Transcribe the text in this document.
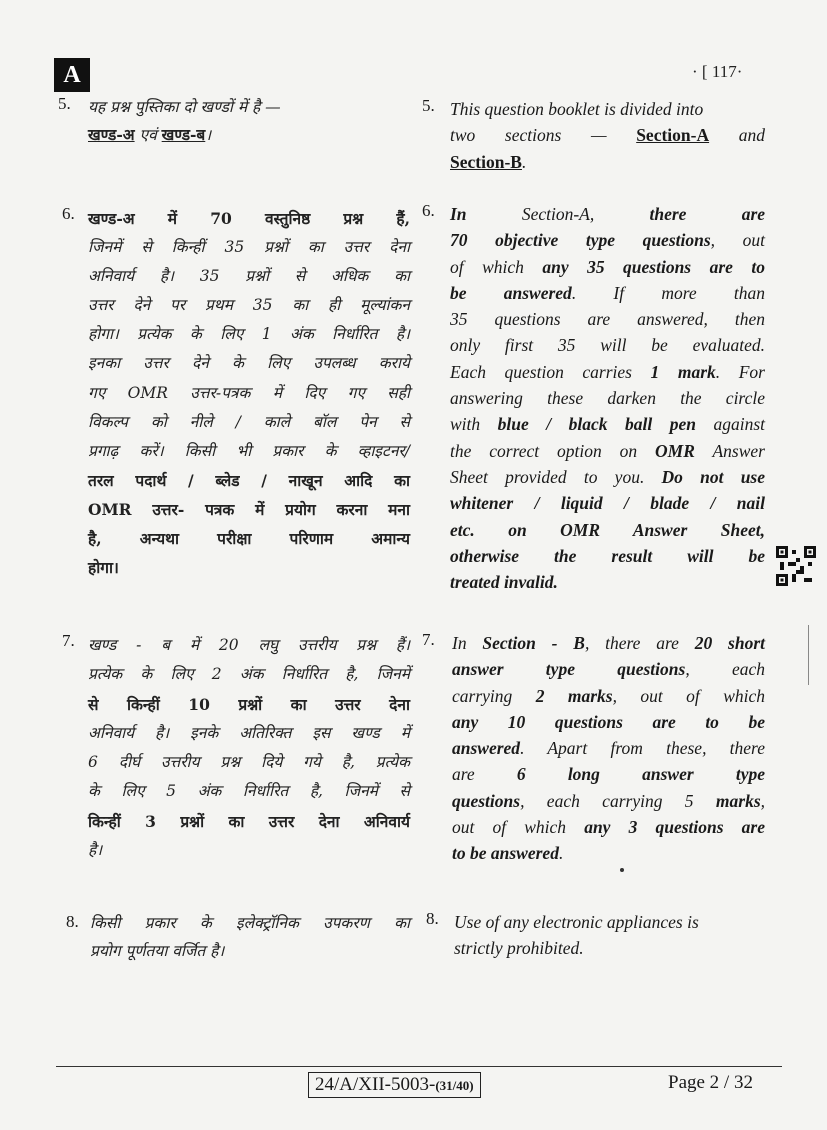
A	· [ 117·
5. यह प्रश्न पुस्तिका दो खण्डों में है —
खण्ड-अ एवं खण्ड-ब।
5. This question booklet is divided into
two sections — Section-A and
Section-B.
6. खण्ड-अ में 70 वस्तुनिष्ठ प्रश्न हैं,
जिनमें से किन्हीं 35 प्रश्नों का उत्तर देना
अनिवार्य है। 35 प्रश्नों से अधिक का
उत्तर देने पर प्रथम 35 का ही मूल्यांकन
होगा। प्रत्येक के लिए 1 अंक निर्धारित है।
इनका उत्तर देने के लिए उपलब्ध कराये
गए OMR उत्तर-पत्रक में दिए गए सही
विकल्प को नीले / काले बॉल पेन से
प्रगाढ़ करें। किसी भी प्रकार के व्हाइटनर/
तरल पदार्थ / ब्लेड / नाखून आदि का
OMR उत्तर- पत्रक में प्रयोग करना मना
है, अन्यथा परीक्षा परिणाम अमान्य
होगा।
6. In Section-A, there are
70 objective type questions, out
of which any 35 questions are to
be answered. If more than
35 questions are answered, then
only first 35 will be evaluated.
Each question carries 1 mark. For
answering these darken the circle
with blue / black ball pen against
the correct option on OMR Answer
Sheet provided to you. Do not use
whitener / liquid / blade / nail
etc. on OMR Answer Sheet,
otherwise the result will be
treated invalid.
7. खण्ड - ब में 20 लघु उत्तरीय प्रश्न हैं।
प्रत्येक के लिए 2 अंक निर्धारित है, जिनमें
से किन्हीं 10 प्रश्नों का उत्तर देना
अनिवार्य है। इनके अतिरिक्त इस खण्ड में
6 दीर्घ उत्तरीय प्रश्न दिये गये है, प्रत्येक
के लिए 5 अंक निर्धारित है, जिनमें से
किन्हीं 3 प्रश्नों का उत्तर देना अनिवार्य
है।
7. In Section - B, there are 20 short
answer type questions, each
carrying 2 marks, out of which
any 10 questions are to be
answered. Apart from these, there
are 6 long answer type
questions, each carrying 5 marks,
out of which any 3 questions are
to be answered.
8. किसी प्रकार के इलेक्ट्रॉनिक उपकरण का
प्रयोग पूर्णतया वर्जित है।
8. Use of any electronic appliances is
strictly prohibited.
24/A/XII-5003-(31/40)	Page 2 / 32
